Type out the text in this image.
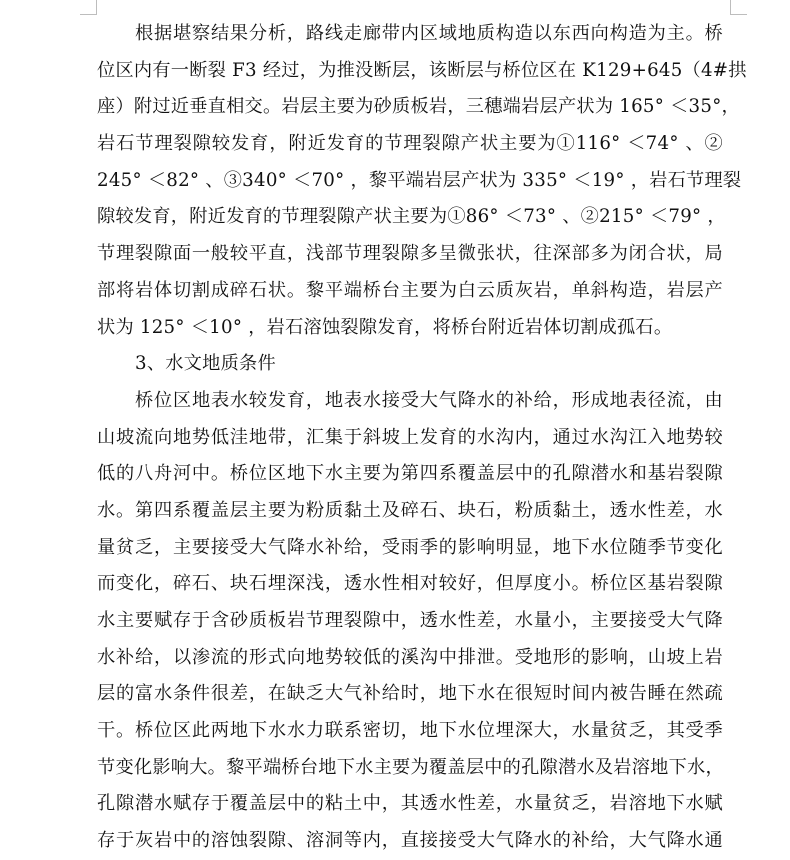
根据堪察结果分析，路线走廊带内区域地质构造以东西向构造为主。桥
位区内有一断裂 F3 经过，为推没断层，该断层与桥位区在 K129+645（4#拱
座）附过近垂直相交。岩层主要为砂质板岩，三穗端岩层产状为 165° ＜35°，
岩石节理裂隙较发育，附近发育的节理裂隙产状主要为①116° ＜74° 、②
245° ＜82° 、③340° ＜70° ，黎平端岩层产状为 335° ＜19° ，岩石节理裂
隙较发育，附近发育的节理裂隙产状主要为①86° ＜73° 、②215° ＜79° ，
节理裂隙面一般较平直，浅部节理裂隙多呈微张状，往深部多为闭合状，局
部将岩体切割成碎石状。黎平端桥台主要为白云质灰岩，单斜构造，岩层产
状为 125° ＜10° ，岩石溶蚀裂隙发育，将桥台附近岩体切割成孤石。
3、水文地质条件
桥位区地表水较发育，地表水接受大气降水的补给，形成地表径流，由
山坡流向地势低洼地带，汇集于斜坡上发育的水沟内，通过水沟江入地势较
低的八舟河中。桥位区地下水主要为第四系覆盖层中的孔隙潜水和基岩裂隙
水。第四系覆盖层主要为粉质黏土及碎石、块石，粉质黏土，透水性差，水
量贫乏，主要接受大气降水补给，受雨季的影响明显，地下水位随季节变化
而变化，碎石、块石埋深浅，透水性相对较好，但厚度小。桥位区基岩裂隙
水主要赋存于含砂质板岩节理裂隙中，透水性差，水量小，主要接受大气降
水补给，以渗流的形式向地势较低的溪沟中排泄。受地形的影响，山坡上岩
层的富水条件很差，在缺乏大气补给时，地下水在很短时间内被告睡在然疏
干。桥位区此两地下水水力联系密切，地下水位埋深大，水量贫乏，其受季
节变化影响大。黎平端桥台地下水主要为覆盖层中的孔隙潜水及岩溶地下水，
孔隙潜水赋存于覆盖层中的粘土中，其透水性差，水量贫乏，岩溶地下水赋
存于灰岩中的溶蚀裂隙、溶洞等内，直接接受大气降水的补给，大气降水通
